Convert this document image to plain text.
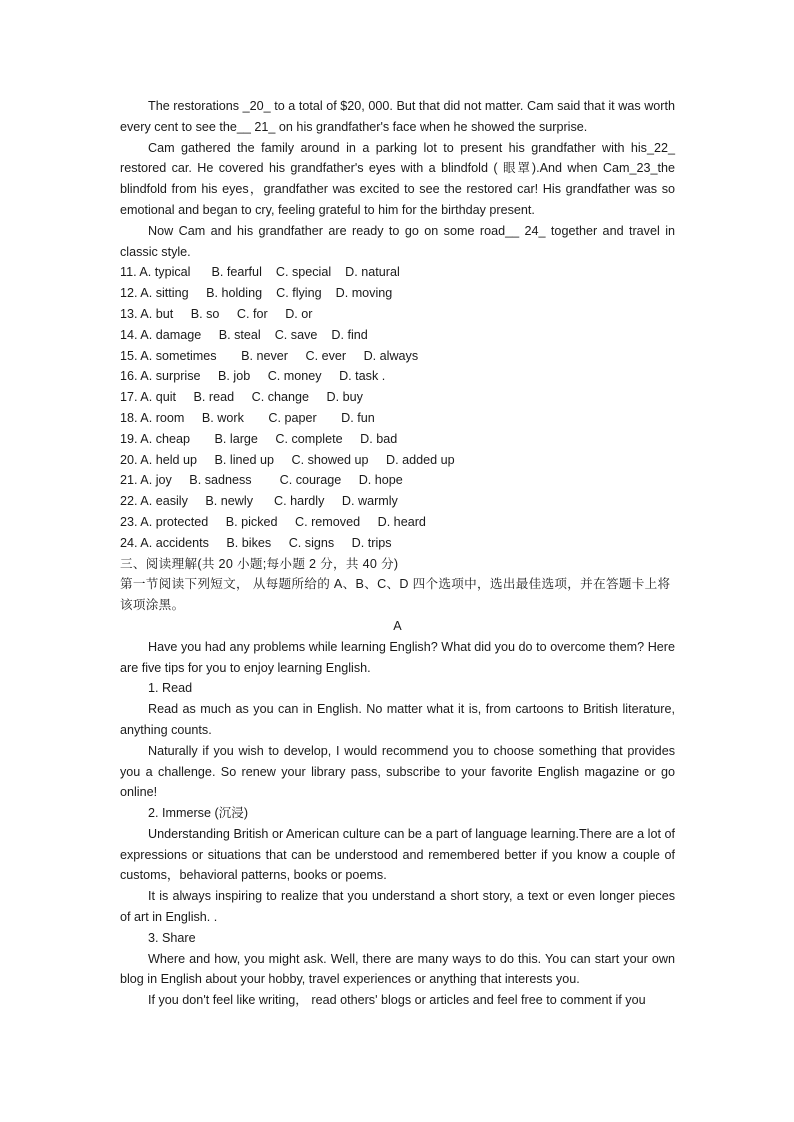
The restorations _20_ to a total of $20, 000. But that did not matter. Cam said that it was worth every cent to see the__ 21_ on his grandfather's face when he showed the surprise.

Cam gathered the family around in a parking lot to present his grandfather with his_22_ restored car. He covered his grandfather's eyes with a blindfold ( 眼罩).And when Cam_23_the blindfold from his eyes，grandfather was excited to see the restored car! His grandfather was so emotional and began to cry, feeling grateful to him for the birthday present.

Now Cam and his grandfather are ready to go on some road__ 24_ together and travel in classic style.

11. A. typical      B. fearful    C. special    D. natural

12. A. sitting     B. holding    C. flying    D. moving

13. A. but     B. so     C. for     D. or

14. A. damage     B. steal    C. save    D. find

15. A. sometimes       B. never     C. ever     D. always

16. A. surprise     B. job     C. money     D. task .

17. A. quit     B. read     C. change     D. buy

18. A. room     B. work       C. paper       D. fun

19. A. cheap       B. large     C. complete     D. bad

20. A. held up     B. lined up     C. showed up     D. added up

21. A. joy     B. sadness        C. courage     D. hope

22. A. easily     B. newly      C. hardly     D. warmly

23. A. protected     B. picked     C. removed     D. heard

24. A. accidents     B. bikes     C. signs     D. trips

三、阅读理解(共 20 小题;每小题 2 分，共 40 分)

第一节阅读下列短文， 从每题所给的 A、B、C、D 四个选项中，选出最佳选项，并在答题卡上将该项涂黑。

A

Have you had any problems while learning English? What did you do to overcome them? Here are five tips for you to enjoy learning English.

1. Read

Read as much as you can in English. No matter what it is, from cartoons to British literature, anything counts.

Naturally if you wish to develop, I would recommend you to choose something that provides you a challenge. So renew your library pass, subscribe to your favorite English magazine or go online!

2. Immerse (沉浸)

Understanding British or American culture can be a part of language learning.There are a lot of expressions or situations that can be understood and remembered better if you know a couple of customs，behavioral patterns, books or poems.

It is always inspiring to realize that you understand a short story, a text or even longer pieces of art in English. .

3. Share

Where and how, you might ask. Well, there are many ways to do this. You can start your own blog in English about your hobby, travel experiences or anything that interests you.

If you don't feel like writing， read others' blogs or articles and feel free to comment if you
